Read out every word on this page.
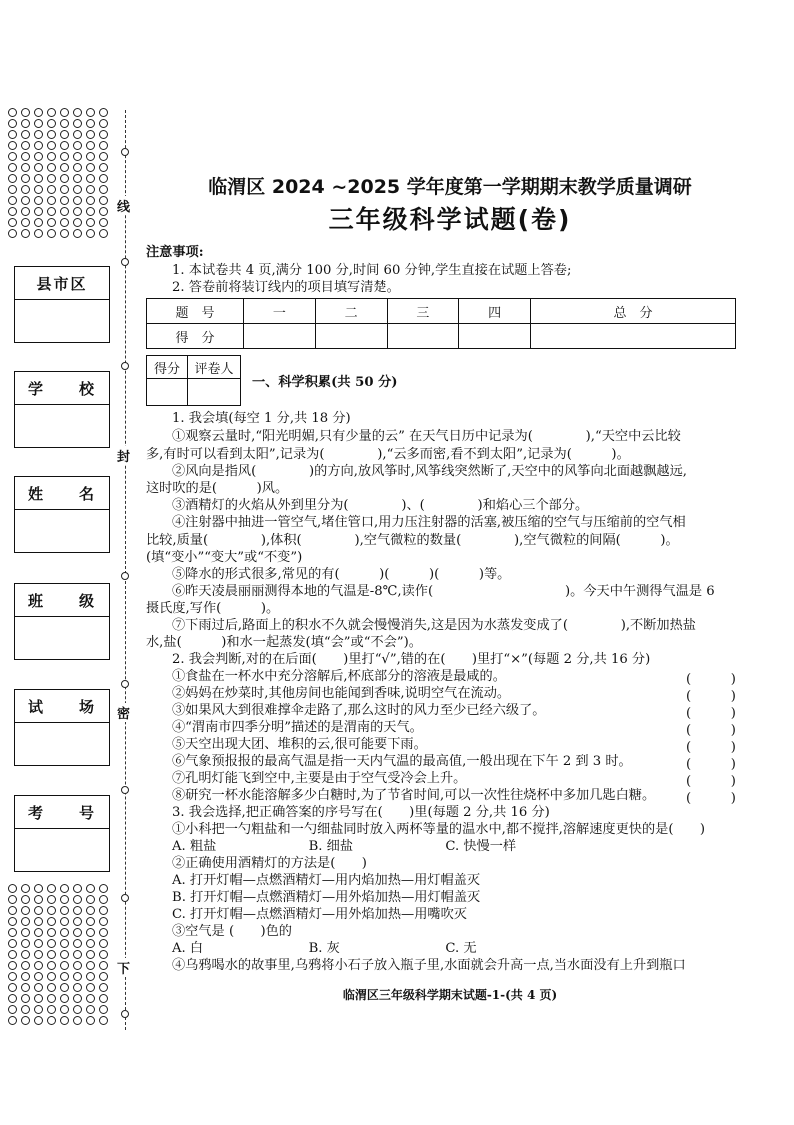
县市区
学　　校
姓　　名
班　　级
试　　场
考　　号
线
封
密
下
临渭区 2024 ~2025 学年度第一学期期末教学质量调研
三年级科学试题(卷)
注意事项:
1. 本试卷共 4 页,满分 100 分,时间 60 分钟,学生直接在试题上答卷;
2. 答卷前将装订线内的项目填写清楚。
题　号	一	二	三	四	总　分
得　分					
得分	评卷人

一、科学积累(共 50 分)
1. 我会填(每空 1 分,共 18 分)
①观察云量时,“阳光明媚,只有少量的云” 在天气日历中记录为(　　　　),“天空中云比较
多,有时可以看到太阳”,记录为(　　　　),“云多而密,看不到太阳”,记录为(　　　)。
②风向是指风(　　　　)的方向,放风筝时,风筝线突然断了,天空中的风筝向北面越飘越远,
这时吹的是(　　　)风。
③酒精灯的火焰从外到里分为(　　　　)、(　　　　)和焰心三个部分。
④注射器中抽进一管空气,堵住管口,用力压注射器的活塞,被压缩的空气与压缩前的空气相
比较,质量(　　　　),体积(　　　　),空气微粒的数量(　　　　),空气微粒的间隔(　　　)。
(填“变小”“变大”或“不变”)
⑤降水的形式很多,常见的有(　　　)(　　　)(　　　)等。
⑥昨天凌晨丽丽测得本地的气温是-8℃,读作(　　　　　　　　　　)。今天中午测得气温是 6
摄氏度,写作(　　　)。
⑦下雨过后,路面上的积水不久就会慢慢消失,这是因为水蒸发变成了(　　　　),不断加热盐
水,盐(　　　)和水一起蒸发(填“会”或“不会”)。
2. 我会判断,对的在后面(　　)里打“√”,错的在(　　)里打“×”(每题 2 分,共 16 分)
①食盐在一杯水中充分溶解后,杯底部分的溶液是最咸的。	(　　　)
②妈妈在炒菜时,其他房间也能闻到香味,说明空气在流动。	(　　　)
③如果风大到很难撑伞走路了,那么这时的风力至少已经六级了。	(　　　)
④“渭南市四季分明”描述的是渭南的天气。	(　　　)
⑤天空出现大团、堆积的云,很可能要下雨。	(　　　)
⑥气象预报报的最高气温是指一天内气温的最高值,一般出现在下午 2 到 3 时。	(　　　)
⑦孔明灯能飞到空中,主要是由于空气受冷会上升。	(　　　)
⑧研究一杯水能溶解多少白糖时,为了节省时间,可以一次性往烧杯中多加几匙白糖。 (　　　)
3. 我会选择,把正确答案的序号写在(　　)里(每题 2 分,共 16 分)
①小科把一勺粗盐和一勺细盐同时放入两杯等量的温水中,都不搅拌,溶解速度更快的是(　　)
A. 粗盐　　　　　　　B. 细盐　　　　　　　C. 快慢一样
②正确使用酒精灯的方法是(　　)
A. 打开灯帽—点燃酒精灯—用内焰加热—用灯帽盖灭
B. 打开灯帽—点燃酒精灯—用外焰加热—用灯帽盖灭
C. 打开灯帽—点燃酒精灯—用外焰加热—用嘴吹灭
③空气是 (　　)色的
A. 白　　　　　　　　B. 灰　　　　　　　　C. 无
④乌鸦喝水的故事里,乌鸦将小石子放入瓶子里,水面就会升高一点,当水面没有上升到瓶口
临渭区三年级科学期末试题-1-(共 4 页)
